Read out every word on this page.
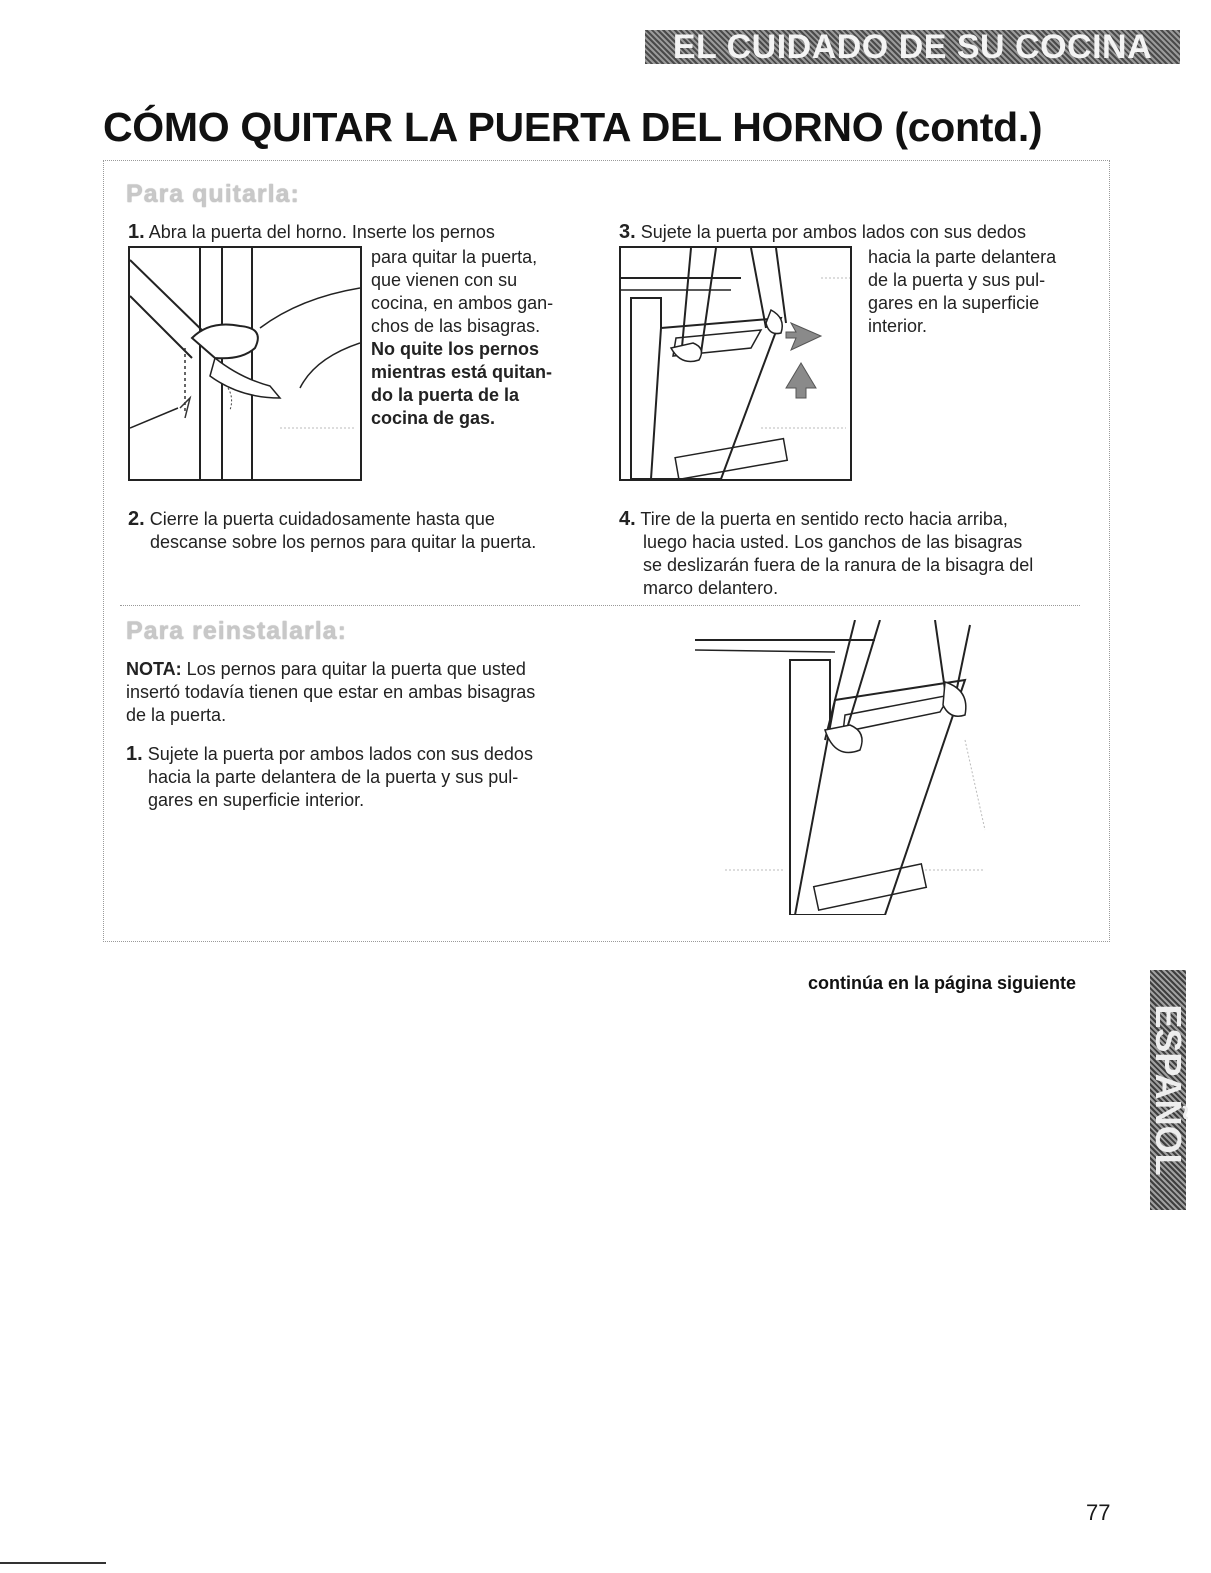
EL CUIDADO DE SU COCINA
CÓMO QUITAR LA PUERTA DEL HORNO (contd.)
Para quitarla:
1. Abra la puerta del horno. Inserte los pernos
para quitar la puerta,
que vienen con su
cocina, en ambos gan-
chos de las bisagras.
No quite los pernos
mientras está quitan-
do la puerta de la
cocina de gas.
3. Sujete la puerta por ambos lados con sus dedos
hacia la parte delantera
de la puerta y sus pul-
gares en la superficie
interior.
2. Cierre la puerta cuidadosamente hasta que
descanse sobre los pernos para quitar la puerta.
4. Tire de la puerta en sentido recto hacia arriba,
luego hacia usted. Los ganchos de las bisagras
se deslizarán fuera de la ranura de la bisagra del
marco delantero.
Para reinstalarla:
NOTA: Los pernos para quitar la puerta que usted
insertó todavía tienen que estar en ambas bisagras
de la puerta.
1. Sujete la puerta por ambos lados con sus dedos
hacia la parte delantera de la puerta y sus pul-
gares en superficie interior.
continúa en la página siguiente
ESPAÑOL
77
